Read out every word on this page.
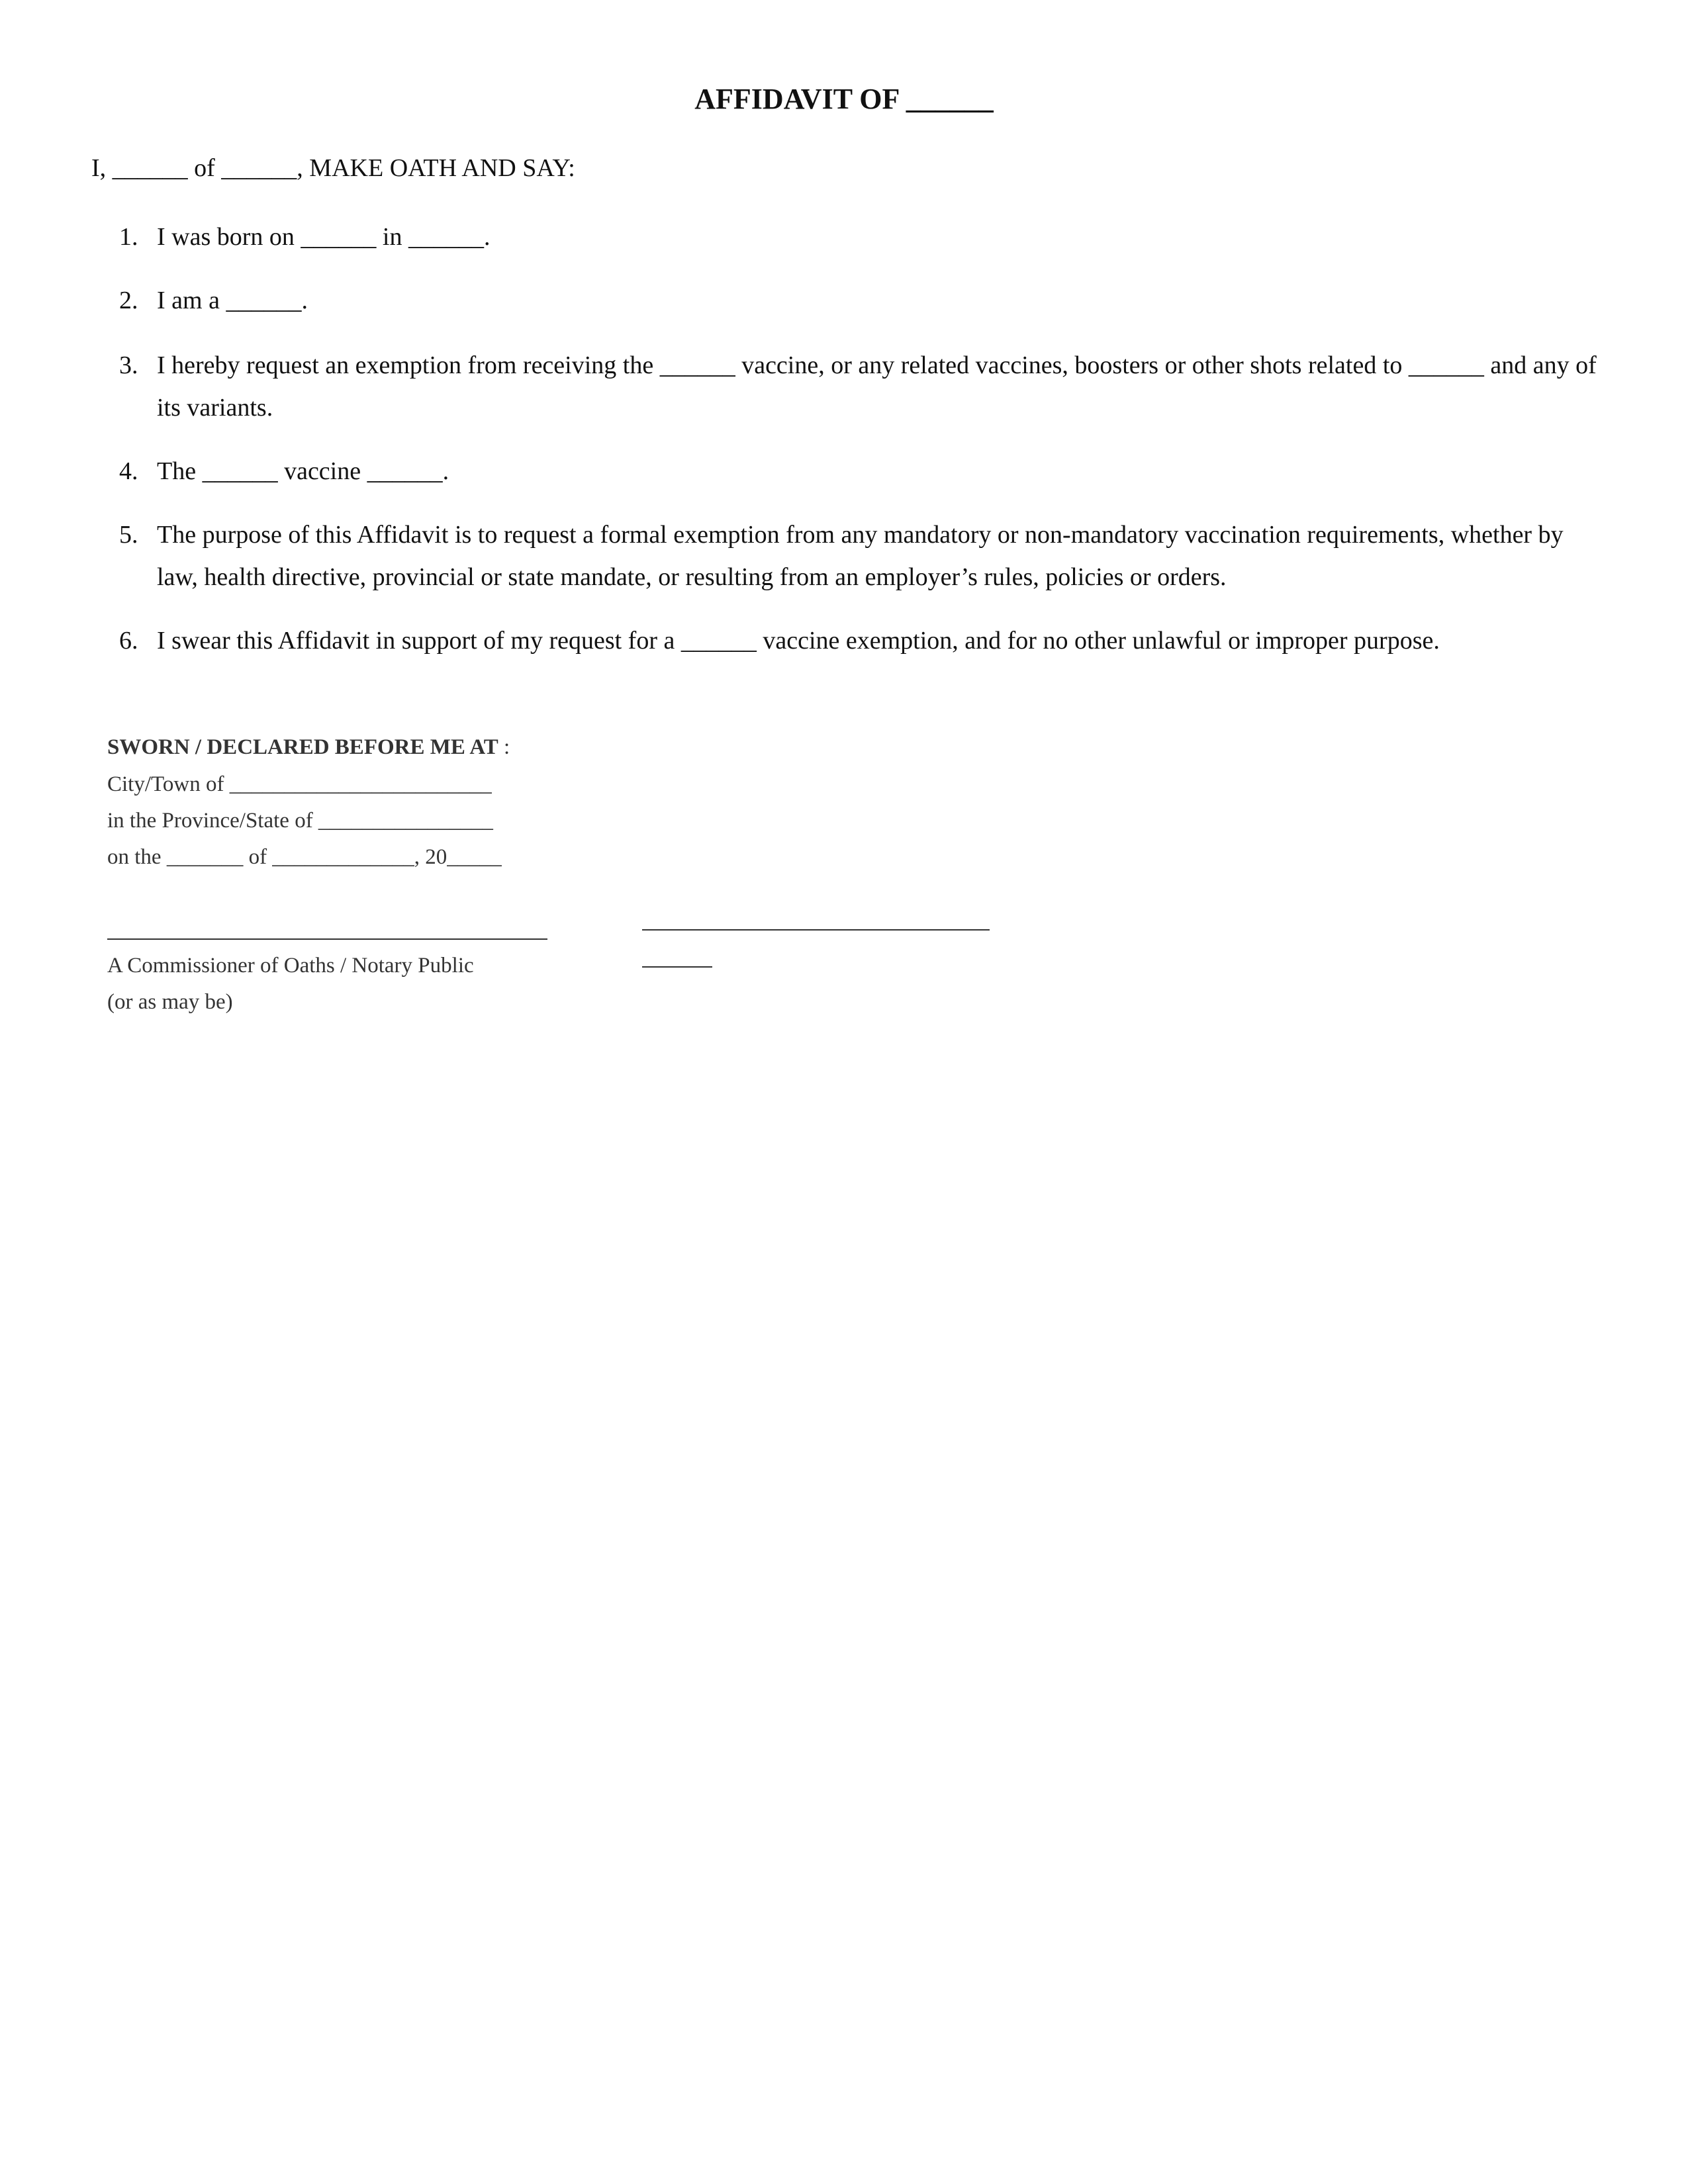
AFFIDAVIT OF ______
I, ______ of ______, MAKE OATH AND SAY:
1. I was born on ______ in ______.
2. I am a ______.
3. I hereby request an exemption from receiving the ______ vaccine, or any related vaccines, boosters or other shots related to ______ and any of its variants.
4. The ______ vaccine ______.
5. The purpose of this Affidavit is to request a formal exemption from any mandatory or non-mandatory vaccination requirements, whether by law, health directive, provincial or state mandate, or resulting from an employer’s rules, policies or orders.
6. I swear this Affidavit in support of my request for a ______ vaccine exemption, and for no other unlawful or improper purpose.
SWORN / DECLARED BEFORE ME AT :
City/Town of ________________________
in the Province/State of ________________
on the _______ of _____________, 20_____
A Commissioner of Oaths / Notary Public
(or as may be)
